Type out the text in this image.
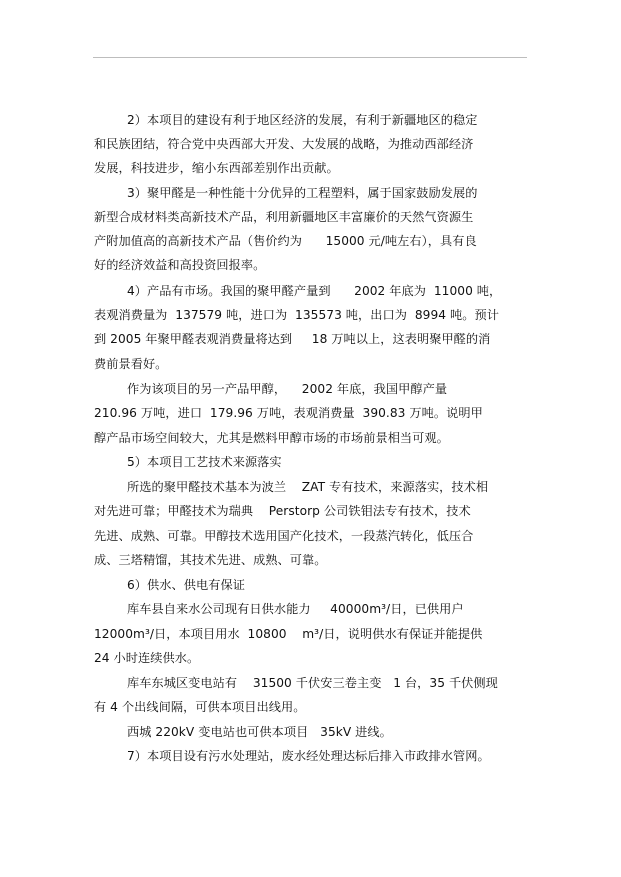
2）本项目的建设有利于地区经济的发展，有利于新疆地区的稳定
和民族团结，符合党中央西部大开发、大发展的战略，为推动西部经济
发展，科技进步，缩小东西部差别作出贡献。
3）聚甲醛是一种性能十分优异的工程塑料，属于国家鼓励发展的
新型合成材料类高新技术产品，利用新疆地区丰富廉价的天然气资源生
产附加值高的高新技术产品（售价约为      15000 元/吨左右），具有良
好的经济效益和高投资回报率。
4）产品有市场。我国的聚甲醛产量到      2002 年底为  11000 吨，
表观消费量为  137579 吨，进口为  135573 吨，出口为  8994 吨。预计
到 2005 年聚甲醛表观消费量将达到     18 万吨以上，这表明聚甲醛的消
费前景看好。
作为该项目的另一产品甲醇，    2002 年底，我国甲醇产量
210.96 万吨，进口  179.96 万吨，表观消费量  390.83 万吨。说明甲
醇产品市场空间较大，尤其是燃料甲醇市场的市场前景相当可观。
5）本项目工艺技术来源落实
所选的聚甲醛技术基本为波兰    ZAT 专有技术，来源落实，技术相
对先进可靠；甲醛技术为瑞典    Perstorp 公司铁钼法专有技术，技术
先进、成熟、可靠。甲醇技术选用国产化技术，一段蒸汽转化，低压合
成、三塔精馏，其技术先进、成熟、可靠。
6）供水、供电有保证
库车县自来水公司现有日供水能力     40000m³/日，已供用户
12000m³/日，本项目用水  10800    m³/日，说明供水有保证并能提供
24 小时连续供水。
库车东城区变电站有    31500 千伏安三卷主变   1 台，35 千伏侧现
有 4 个出线间隔，可供本项目出线用。
西城 220kV 变电站也可供本项目   35kV 进线。
7）本项目设有污水处理站，废水经处理达标后排入市政排水管网。
